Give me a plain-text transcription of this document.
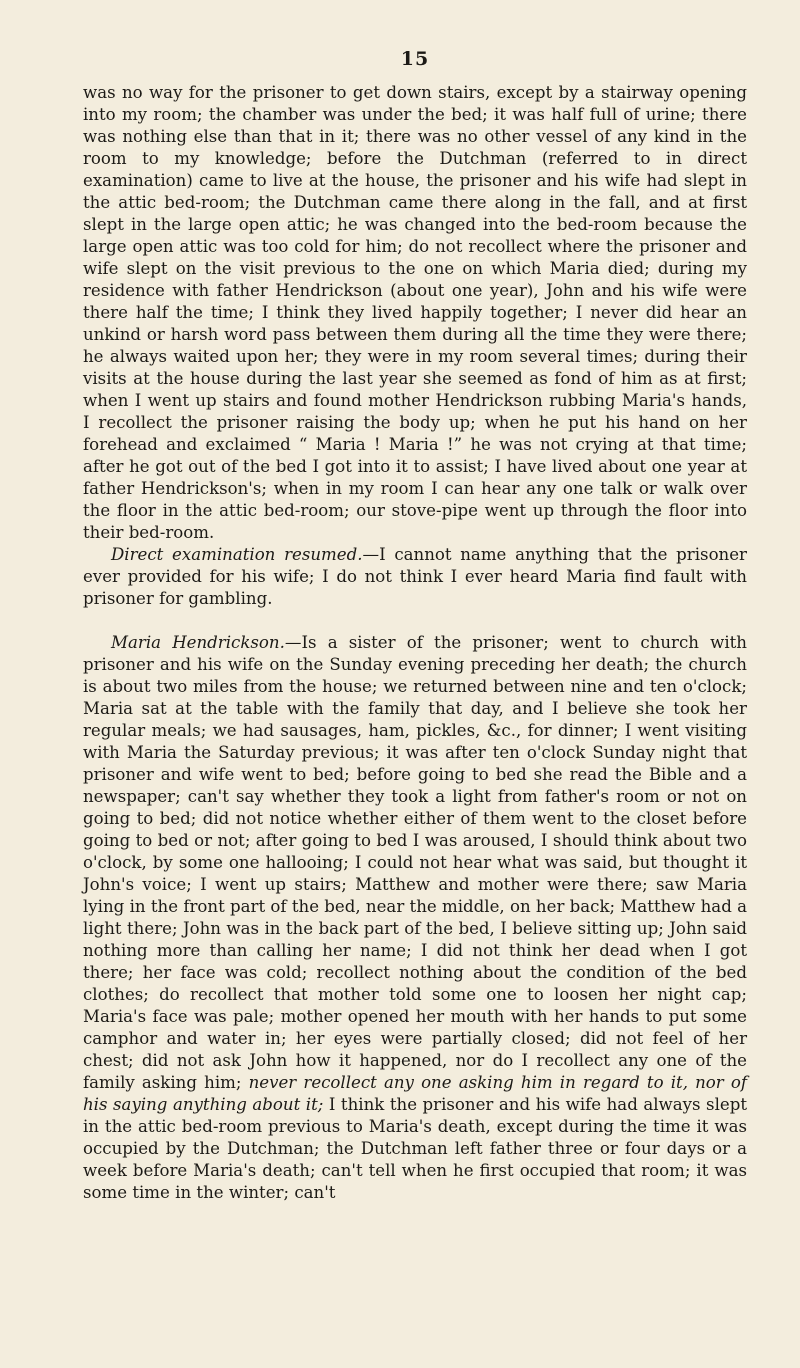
15

was no way for the prisoner to get down stairs, except by a stairway opening into my room; the chamber was under the bed; it was half full of urine; there was nothing else than that in it; there was no other vessel of any kind in the room to my knowledge; before the Dutchman (referred to in direct examination) came to live at the house, the prisoner and his wife had slept in the attic bed-room; the Dutchman came there along in the fall, and at first slept in the large open attic; he was changed into the bed-room because the large open attic was too cold for him; do not recollect where the prisoner and wife slept on the visit previous to the one on which Maria died; during my residence with father Hendrickson (about one year), John and his wife were there half the time; I think they lived happily together; I never did hear an unkind or harsh word pass between them during all the time they were there; he always waited upon her; they were in my room several times; during their visits at the house during the last year she seemed as fond of him as at first; when I went up stairs and found mother Hendrickson rubbing Maria's hands, I recollect the prisoner raising the body up; when he put his hand on her forehead and exclaimed “ Maria ! Maria !” he was not crying at that time; after he got out of the bed I got into it to assist; I have lived about one year at father Hendrickson's; when in my room I can hear any one talk or walk over the floor in the attic bed-room; our stove-pipe went up through the floor into their bed-room.

Direct examination resumed.—I cannot name anything that the prisoner ever provided for his wife; I do not think I ever heard Maria find fault with prisoner for gambling.

Maria Hendrickson.—Is a sister of the prisoner; went to church with prisoner and his wife on the Sunday evening preceding her death; the church is about two miles from the house; we returned between nine and ten o'clock; Maria sat at the table with the family that day, and I believe she took her regular meals; we had sausages, ham, pickles, &c., for dinner; I went visiting with Maria the Saturday previous; it was after ten o'clock Sunday night that prisoner and wife went to bed; before going to bed she read the Bible and a newspaper; can't say whether they took a light from father's room or not on going to bed; did not notice whether either of them went to the closet before going to bed or not; after going to bed I was aroused, I should think about two o'clock, by some one hallooing; I could not hear what was said, but thought it John's voice; I went up stairs; Matthew and mother were there; saw Maria lying in the front part of the bed, near the middle, on her back; Matthew had a light there; John was in the back part of the bed, I believe sitting up; John said nothing more than calling her name; I did not think her dead when I got there; her face was cold; recollect nothing about the condition of the bed clothes; do recollect that mother told some one to loosen her night cap; Maria's face was pale; mother opened her mouth with her hands to put some camphor and water in; her eyes were partially closed; did not feel of her chest; did not ask John how it happened, nor do I recollect any one of the family asking him; never recollect any one asking him in regard to it, nor of his saying anything about it; I think the prisoner and his wife had always slept in the attic bed-room previous to Maria's death, except during the time it was occupied by the Dutchman; the Dutchman left father three or four days or a week before Maria's death; can't tell when he first occupied that room; it was some time in the winter; can't
